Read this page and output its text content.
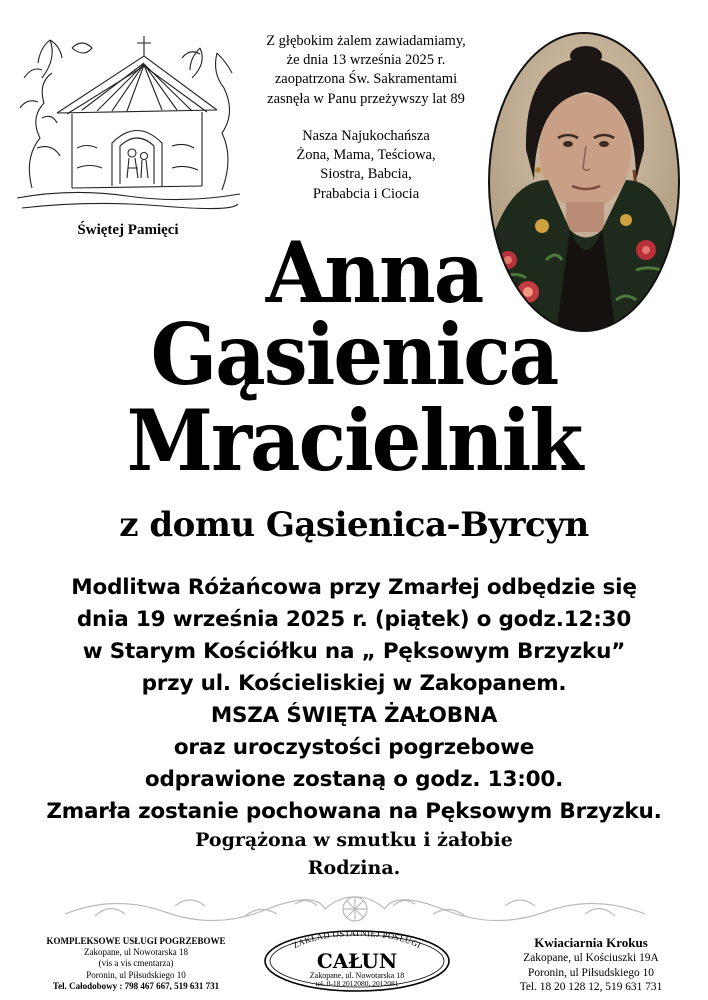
Świętej Pamięci
Z głębokim żalem zawiadamiamy,
że dnia 13 września 2025 r.
zaopatrzona Św. Sakramentami
zasnęła w Panu przeżywszy lat 89
Nasza Najukochańsza
Żona, Mama, Teściowa,
Siostra, Babcia,
Prababcia i Ciocia
Anna
Gąsienica
Mracielnik
z domu Gąsienica-Byrcyn
Modlitwa Różańcowa przy Zmarłej odbędzie się
dnia 19 września 2025 r. (piątek) o godz.12:30
w Starym Kościółku na „ Pęksowym Brzyzku”
przy ul. Kościeliskiej w Zakopanem.
MSZA ŚWIĘTA ŻAŁOBNA
oraz uroczystości pogrzebowe
odprawione zostaną o godz. 13:00.
Zmarła zostanie pochowana na Pęksowym Brzyzku.
Pogrążona w smutku i żałobie
Rodzina.
KOMPLEKSOWE USŁUGI POGRZEBOWE
Zakopane, ul Nowotarska 18
(vis a vis cmentarza)
Poronin, ul Piłsudskiego 10
Tel. Całodobowy : 798 467 667, 519 631 731
ZAKŁAD OSTATNIEJ POSŁUGI
CAŁUN
Zakopane, ul. Nowotarska 18
tel. 0-18 2012080, 2012081
Kwiaciarnia Krokus
Zakopane, ul Kościuszki 19A
Poronin, ul Piłsudskiego 10
Tel. 18 20 128 12, 519 631 731
